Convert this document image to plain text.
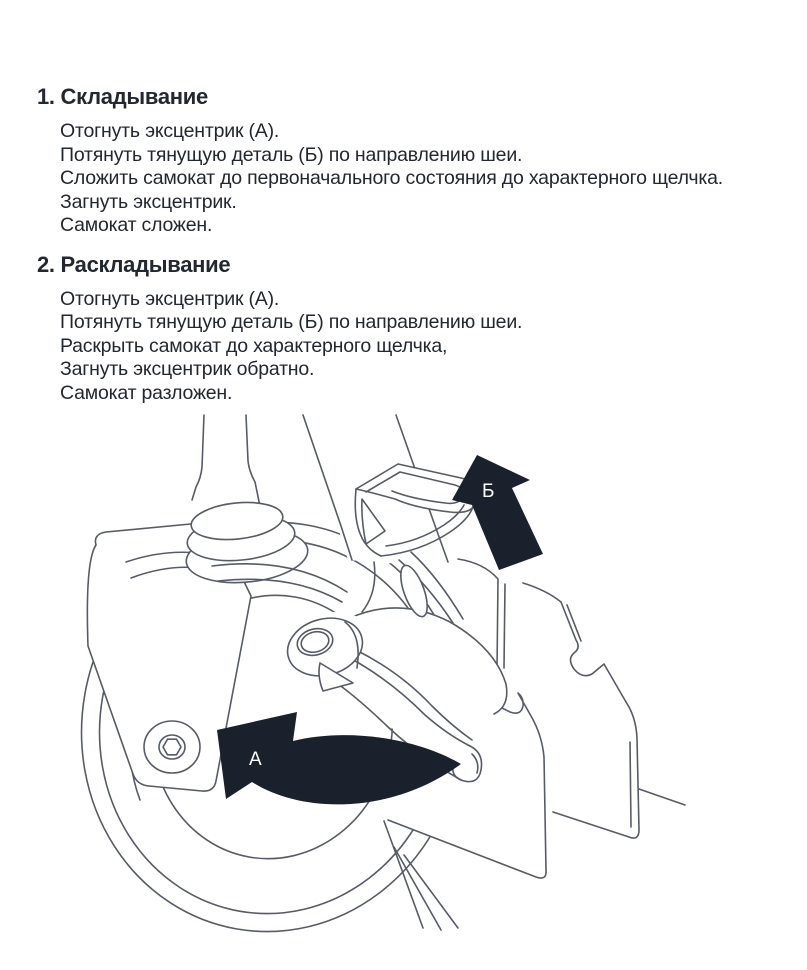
1. Складывание

Отогнуть эксцентрик (А).

Потянуть тянущую деталь (Б) по направлению шеи.

Сложить самокат до первоначального состояния до характерного щелчка.

Загнуть эксцентрик.

Самокат сложен.

2. Раскладывание

Отогнуть эксцентрик (А).

Потянуть тянущую деталь (Б) по направлению шеи.

Раскрыть самокат до характерного щелчка,

Загнуть эксцентрик обратно.

Самокат разложен.

Б
А
